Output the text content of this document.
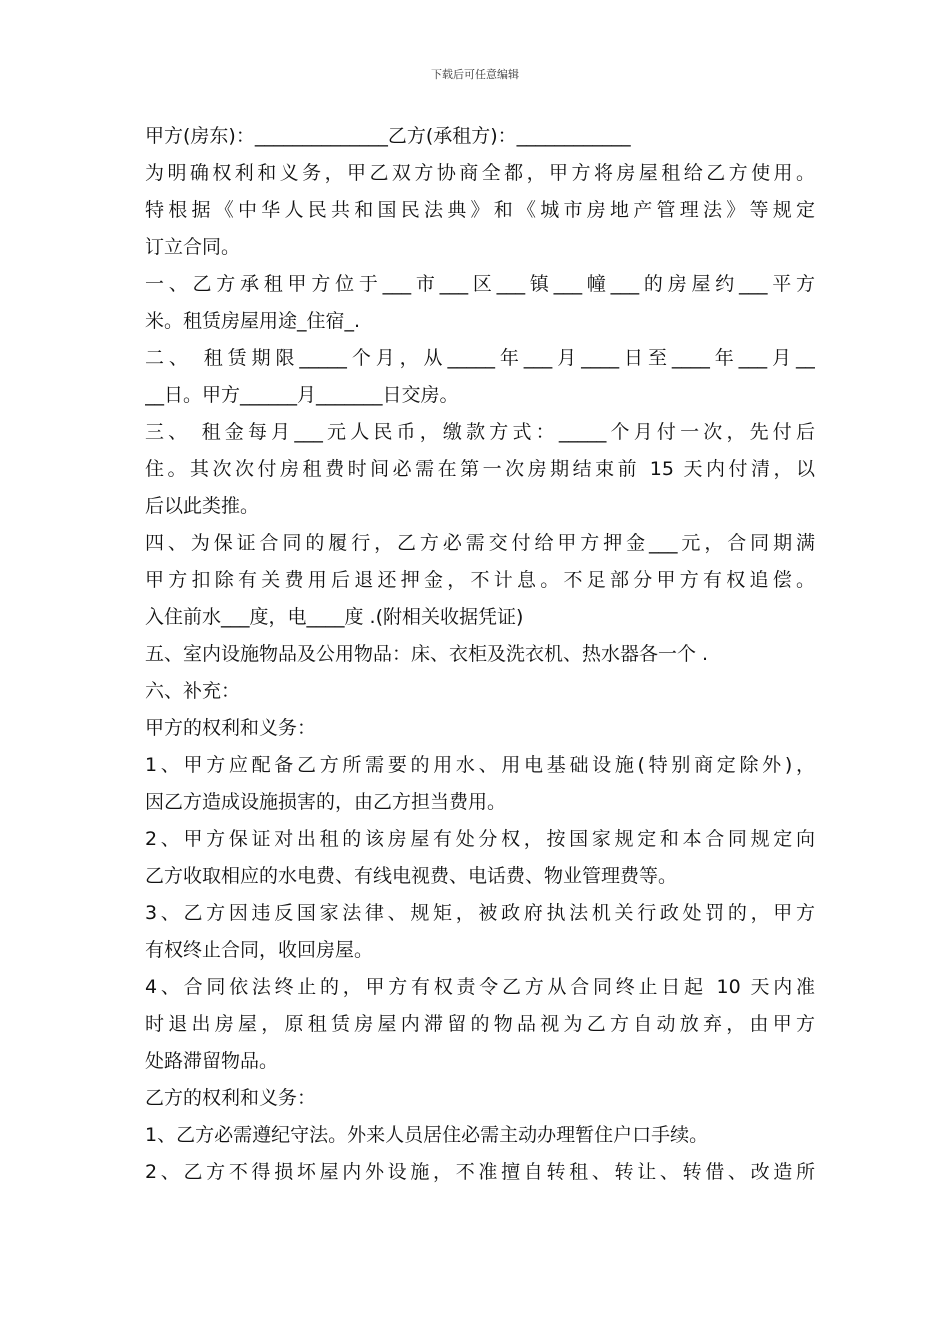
下载后可任意编辑
甲方(房东)：______________乙方(承租方)：____________
为明确权利和义务，甲乙双方协商全都，甲方将房屋租给乙方使用。
特根据《中华人民共和国民法典》和《城市房地产管理法》等规定
订立合同。
一、乙方承租甲方位于___市___区___镇___幢___的房屋约___平方
米。租赁房屋用途_住宿_.
二、 租赁期限_____个月，从_____年___月____日至____年___月__
__日。甲方______月_______日交房。
三、 租金每月___元人民币，缴款方式：_____个月付一次，先付后
住。其次次付房租费时间必需在第一次房期结束前 15 天内付清，以
后以此类推。
四、为保证合同的履行，乙方必需交付给甲方押金___元，合同期满
甲方扣除有关费用后退还押金，不计息。不足部分甲方有权追偿。
入住前水___度，电____度 .(附相关收据凭证)
五、室内设施物品及公用物品：床、衣柜及洗衣机、热水器各一个 .
六、补充：
甲方的权利和义务：
1、甲方应配备乙方所需要的用水、用电基础设施(特别商定除外)，
因乙方造成设施损害的，由乙方担当费用。
2、甲方保证对出租的该房屋有处分权，按国家规定和本合同规定向
乙方收取相应的水电费、有线电视费、电话费、物业管理费等。
3、乙方因违反国家法律、规矩，被政府执法机关行政处罚的，甲方
有权终止合同，收回房屋。
4、合同依法终止的，甲方有权责令乙方从合同终止日起 10 天内准
时退出房屋，原租赁房屋内滞留的物品视为乙方自动放弃，由甲方
处路滞留物品。
乙方的权利和义务：
1、乙方必需遵纪守法。外来人员居住必需主动办理暂住户口手续。
2、乙方不得损坏屋内外设施，不准擅自转租、转让、转借、改造所
